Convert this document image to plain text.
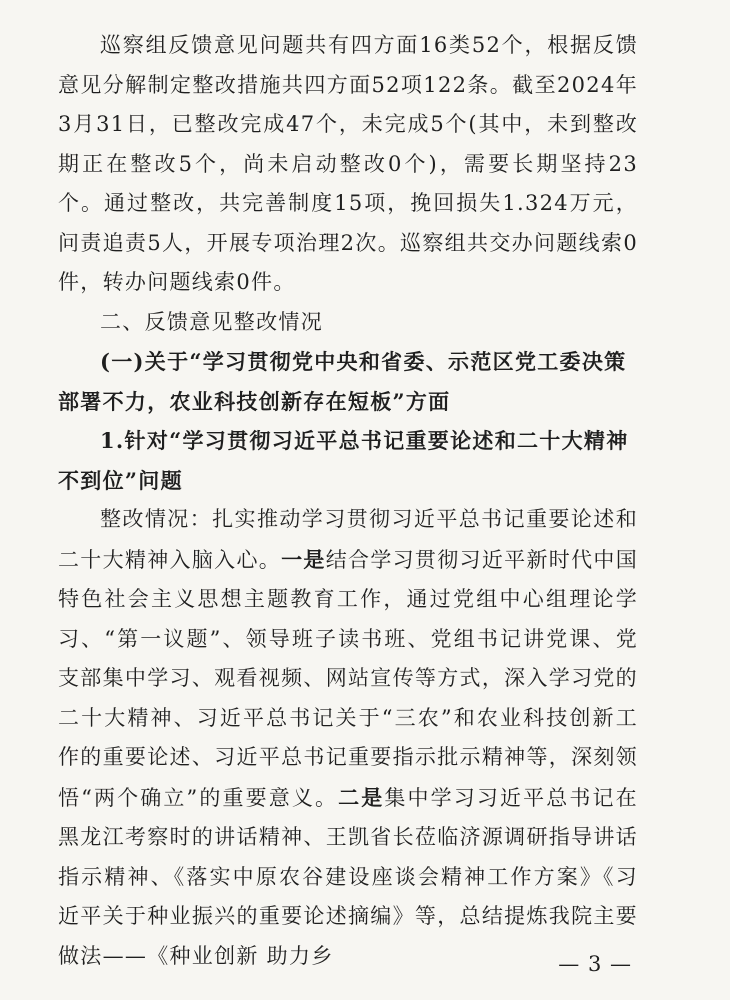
巡察组反馈意见问题共有四方面16类52个，根据反馈意见分解制定整改措施共四方面52项122条。截至2024年3月31日，已整改完成47个，未完成5个(其中，未到整改期正在整改5个，尚未启动整改0个)，需要长期坚持23个。通过整改，共完善制度15项，挽回损失1.324万元，问责追责5人，开展专项治理2次。巡察组共交办问题线索0件，转办问题线索0件。

二、反馈意见整改情况

(一)关于“学习贯彻党中央和省委、示范区党工委决策部署不力，农业科技创新存在短板”方面

1.针对“学习贯彻习近平总书记重要论述和二十大精神不到位”问题

整改情况：扎实推动学习贯彻习近平总书记重要论述和二十大精神入脑入心。一是结合学习贯彻习近平新时代中国特色社会主义思想主题教育工作，通过党组中心组理论学习、“第一议题”、领导班子读书班、党组书记讲党课、党支部集中学习、观看视频、网站宣传等方式，深入学习党的二十大精神、习近平总书记关于“三农”和农业科技创新工作的重要论述、习近平总书记重要指示批示精神等，深刻领悟“两个确立”的重要意义。二是集中学习习近平总书记在黑龙江考察时的讲话精神、王凯省长莅临济源调研指导讲话指示精神、《落实中原农谷建设座谈会精神工作方案》《习近平关于种业振兴的重要论述摘编》等，总结提炼我院主要做法——《种业创新 助力乡	— 3 —
